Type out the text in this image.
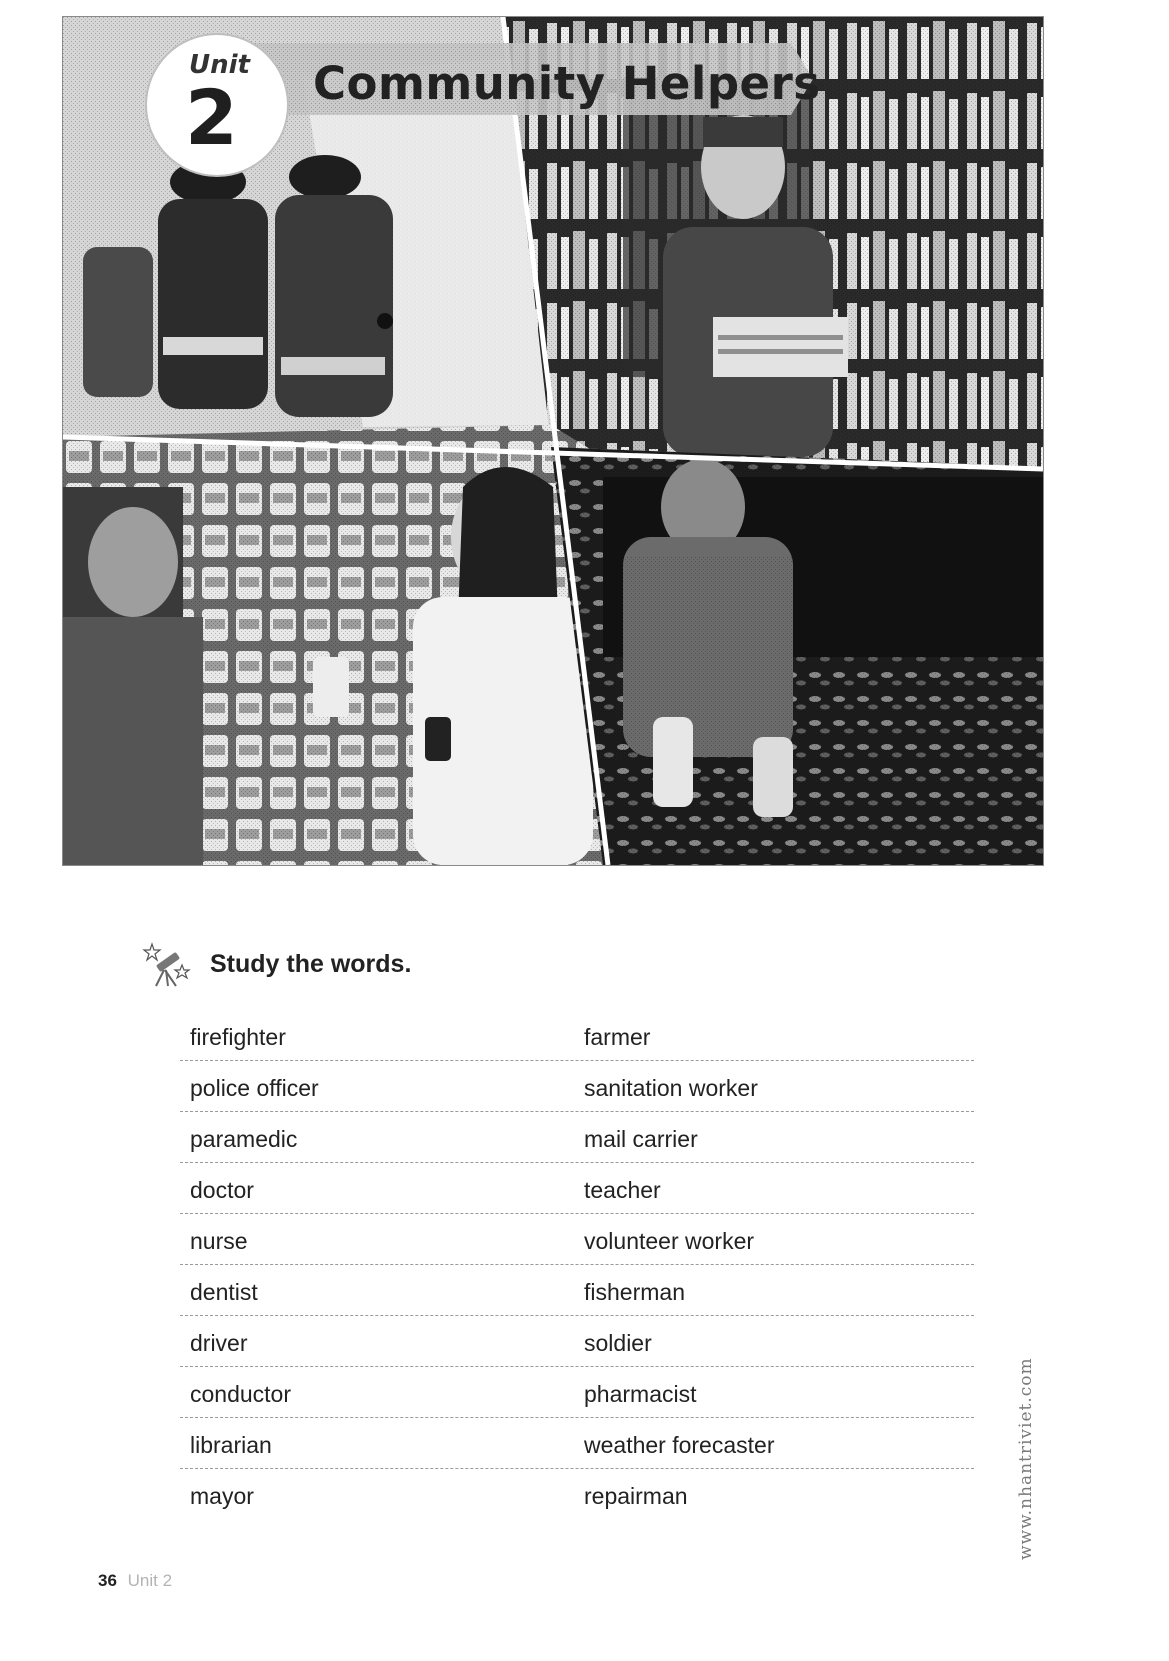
Community Helpers
Unit
2
Study the words.
firefighter	farmer
police officer	sanitation worker
paramedic	mail carrier
doctor	teacher
nurse	volunteer worker
dentist	fisherman
driver	soldier
conductor	pharmacist
librarian	weather forecaster
mayor	repairman	www.nhantriviet.com
36 Unit 2
